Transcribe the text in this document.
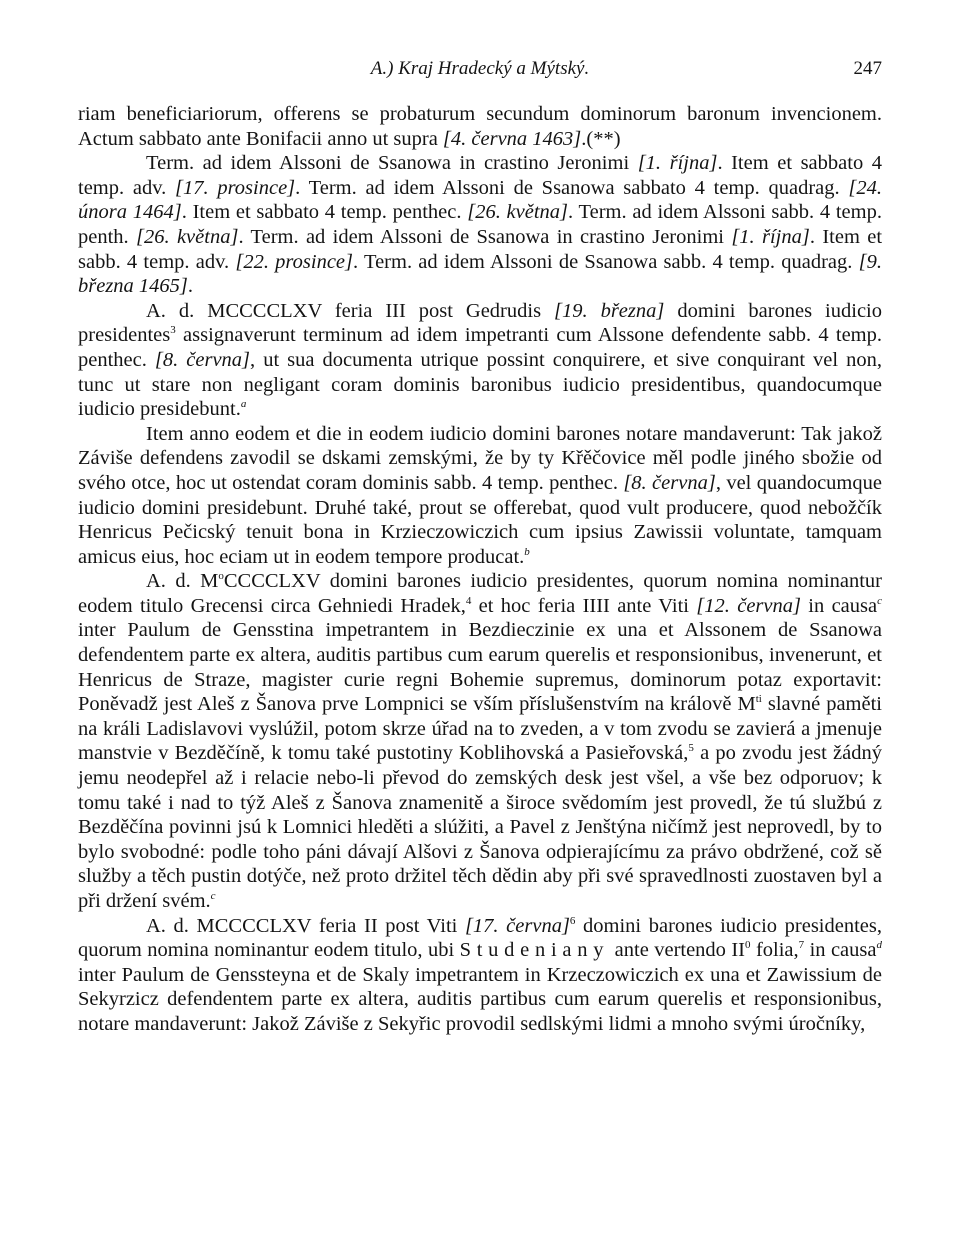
A.) Kraj Hradecký a Mýtský.	247

riam beneficiariorum, offerens se probaturum secundum dominorum baronum invencionem. Actum sabbato ante Bonifacii anno ut supra [4. června 1463].(**)

Term. ad idem Alssoni de Ssanowa in crastino Jeronimi [1. října]. Item et sabbato 4 temp. adv. [17. prosince]. Term. ad idem Alssoni de Ssanowa sabbato 4 temp. quadrag. [24. února 1464]. Item et sabbato 4 temp. penthec. [26. května]. Term. ad idem Alssoni sabb. 4 temp. penth. [26. května]. Term. ad idem Alssoni de Ssanowa in crastino Jeronimi [1. října]. Item et sabb. 4 temp. adv. [22. prosince]. Term. ad idem Alssoni de Ssanowa sabb. 4 temp. quadrag. [9. března 1465].

A. d. MCCCCLXV feria III post Gedrudis [19. března] domini barones iudicio presidentes$^3$ assignaverunt terminum ad idem impetranti cum Alssone defendente sabb. 4 temp. penthec. [8. června], ut sua documenta utrique possint conquirere, et sive conquirant vel non, tunc ut stare non negligant coram dominis baronibus iudicio presidentibus, quandocumque iudicio presidebunt.$^a$

Item anno eodem et die in eodem iudicio domini barones notare mandaverunt: Tak jakož Záviše defendens zavodil se dskami zemskými, že by ty Křěčovice měl podle jiného sbožie od svého otce, hoc ut ostendat coram dominis sabb. 4 temp. penthec. [8. června], vel quandocumque iudicio domini presidebunt. Druhé také, prout se offerebat, quod vult producere, quod nebožčík Henricus Pečicský tenuit bona in Krzieczowiczich cum ipsius Zawissii voluntate, tamquam amicus eius, hoc eciam ut in eodem tempore producat.$^b$

A. d. $M^oCCCCLXV$ domini barones iudicio presidentes, quorum nomina nominantur eodem titulo Grecensi circa Gehniedi Hradek,$^4$ et hoc feria IIII ante Viti [12. června] in causa$^c$ inter Paulum de Gensstina impetrantem in Bezdieczinie ex una et Alssonem de Ssanowa defendentem parte ex altera, auditis partibus cum earum querelis et responsionibus, invenerunt, et Henricus de Straze, magister curie regni Bohemie supremus, dominorum potaz exportavit: Poněvadž jest Aleš z Šanova prve Lompnici se vším příslušenstvím na králově $M^{ti}$ slavné paměti na králi Ladislavovi vyslúžil, potom skrze úřad na to zveden, a v tom zvodu se zavierá a jmenuje manstvie v Bezděčíně, k tomu také pustotiny Koblihovská a Pasieřovská,$^5$ a po zvodu jest žádný jemu neodepřel až i relacie nebo-li převod do zemských desk jest všel, a vše bez odporuov; k tomu také i nad to týž Aleš z Šanova znamenitě a široce svědomím jest provedl, že tú službú z Bezděčína povinni jsú k Lomnici hleděti a slúžiti, a Pavel z Jenštýna ničímž jest neprovedl, by to bylo svobodné: podle toho páni dávají Alšovi z Šanova odpierajícímu za právo obdržené, což sě služby a těch pustin dotýče, než proto držitel těch dědin aby při své spravedlnosti zuostaven byl a při držení svém.$^c$

A. d. MCCCCLXV feria II post Viti [17. června]$^6$ domini barones iudicio presidentes, quorum nomina nominantur eodem titulo, ubi Studeniany ante vertendo $II^0$ folia,$^7$ in causa$^d$ inter Paulum de Genssteyna et de Skaly impetrantem in Krzeczowiczich ex una et Zawissium de Sekyrzicz defendentem parte ex altera, auditis partibus cum earum querelis et responsionibus, notare mandaverunt: Jakož Záviše z Sekyřic provodil sedlskými lidmi a mnoho svými úročníky,
